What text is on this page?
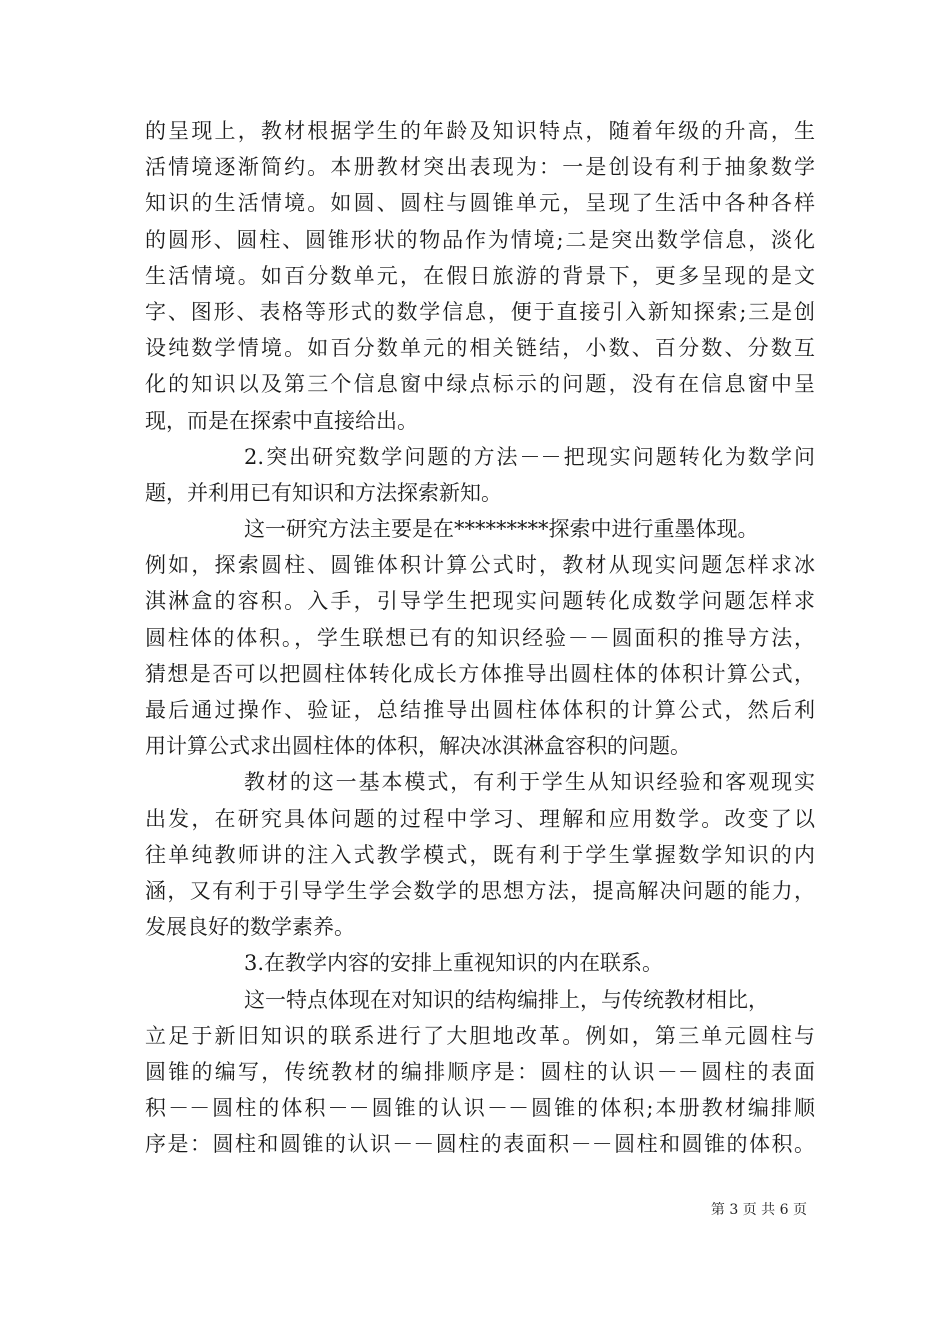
的呈现上，教材根据学生的年龄及知识特点，随着年级的升高，生
活情境逐渐简约。本册教材突出表现为：一是创设有利于抽象数学
知识的生活情境。如圆、圆柱与圆锥单元，呈现了生活中各种各样
的圆形、圆柱、圆锥形状的物品作为情境;二是突出数学信息，淡化
生活情境。如百分数单元，在假日旅游的背景下，更多呈现的是文
字、图形、表格等形式的数学信息，便于直接引入新知探索;三是创
设纯数学情境。如百分数单元的相关链结，小数、百分数、分数互
化的知识以及第三个信息窗中绿点标示的问题，没有在信息窗中呈
现，而是在探索中直接给出。
2.突出研究数学问题的方法－－把现实问题转化为数学问
题，并利用已有知识和方法探索新知。
这一研究方法主要是在*********探索中进行重墨体现。
例如，探索圆柱、圆锥体积计算公式时，教材从现实问题怎样求冰
淇淋盒的容积。入手，引导学生把现实问题转化成数学问题怎样求
圆柱体的体积。，学生联想已有的知识经验－－圆面积的推导方法，
猜想是否可以把圆柱体转化成长方体推导出圆柱体的体积计算公式，
最后通过操作、验证，总结推导出圆柱体体积的计算公式，然后利
用计算公式求出圆柱体的体积，解决冰淇淋盒容积的问题。
教材的这一基本模式，有利于学生从知识经验和客观现实
出发，在研究具体问题的过程中学习、理解和应用数学。改变了以
往单纯教师讲的注入式教学模式，既有利于学生掌握数学知识的内
涵，又有利于引导学生学会数学的思想方法，提高解决问题的能力，
发展良好的数学素养。
3.在教学内容的安排上重视知识的内在联系。
这一特点体现在对知识的结构编排上，与传统教材相比，
立足于新旧知识的联系进行了大胆地改革。例如，第三单元圆柱与
圆锥的编写，传统教材的编排顺序是：圆柱的认识－－圆柱的表面
积－－圆柱的体积－－圆锥的认识－－圆锥的体积;本册教材编排顺
序是：圆柱和圆锥的认识－－圆柱的表面积－－圆柱和圆锥的体积。
第 3 页 共 6 页
